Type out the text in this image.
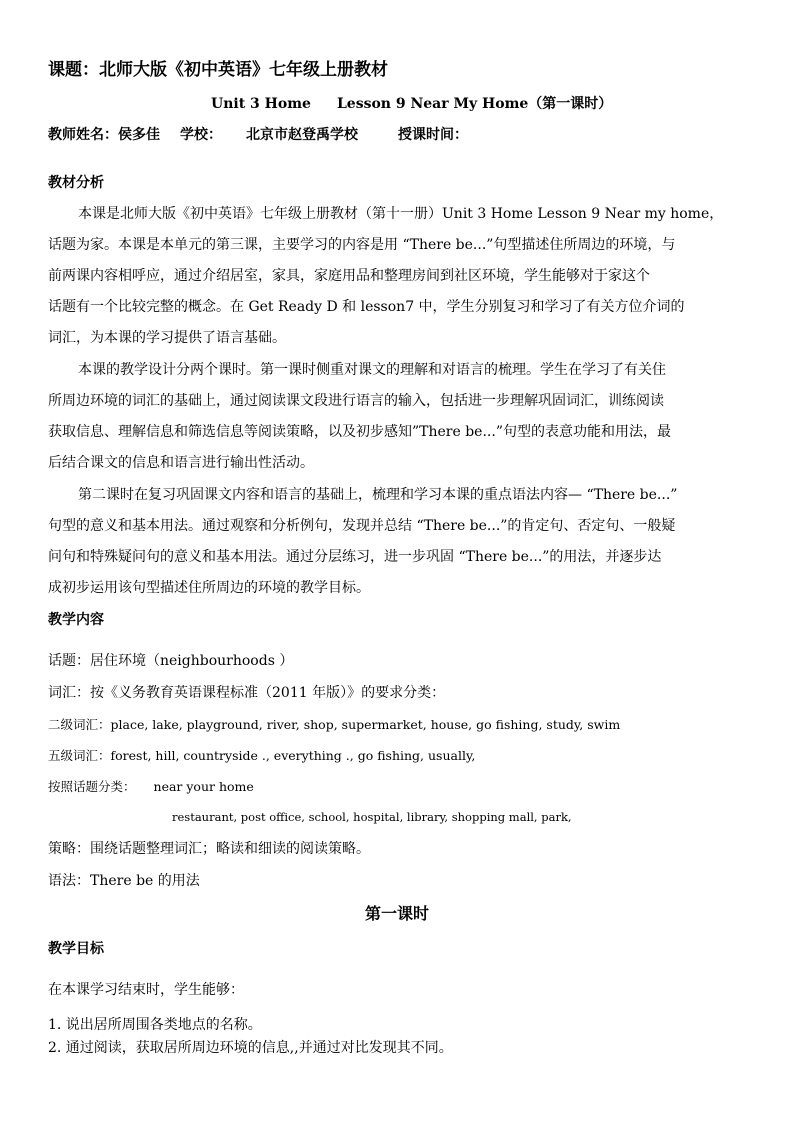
课题：北师大版《初中英语》七年级上册教材
Unit 3 Home Lesson 9 Near My Home（第一课时）
教师姓名：侯多佳 学校： 北京市赵登禹学校	授课时间：
教材分析
本课是北师大版《初中英语》七年级上册教材（第十一册）Unit 3 Home Lesson 9 Near my home，
话题为家。本课是本单元的第三课，主要学习的内容是用 “There be...”句型描述住所周边的环境，与
前两课内容相呼应，通过介绍居室，家具，家庭用品和整理房间到社区环境，学生能够对于家这个
话题有一个比较完整的概念。在 Get Ready D 和 lesson7 中，学生分别复习和学习了有关方位介词的
词汇，为本课的学习提供了语言基础。
本课的教学设计分两个课时。第一课时侧重对课文的理解和对语言的梳理。学生在学习了有关住
所周边环境的词汇的基础上，通过阅读课文段进行语言的输入，包括进一步理解巩固词汇，训练阅读
获取信息、理解信息和筛选信息等阅读策略，以及初步感知”There be...”句型的表意功能和用法，最
后结合课文的信息和语言进行输出性活动。
第二课时在复习巩固课文内容和语言的基础上，梳理和学习本课的重点语法内容— “There be...”
句型的意义和基本用法。通过观察和分析例句，发现并总结 “There be...”的肯定句、否定句、一般疑
问句和特殊疑问句的意义和基本用法。通过分层练习，进一步巩固 “There be...”的用法，并逐步达
成初步运用该句型描述住所周边的环境的教学目标。
教学内容
话题：居住环境（neighbourhoods ）
词汇：按《义务教育英语课程标准（2011 年版）》的要求分类：
二级词汇：place, lake, playground, river, shop, supermarket, house, go fishing, study, swim
五级词汇：forest, hill, countryside ., everything ., go fishing, usually,
按照话题分类： near your home
restaurant, post office, school, hospital, library, shopping mall, park,
策略：围绕话题整理词汇；略读和细读的阅读策略。
语法：There be 的用法
第一课时
教学目标
在本课学习结束时，学生能够：
1. 说出居所周围各类地点的名称。
2. 通过阅读，获取居所周边环境的信息,,并通过对比发现其不同。
